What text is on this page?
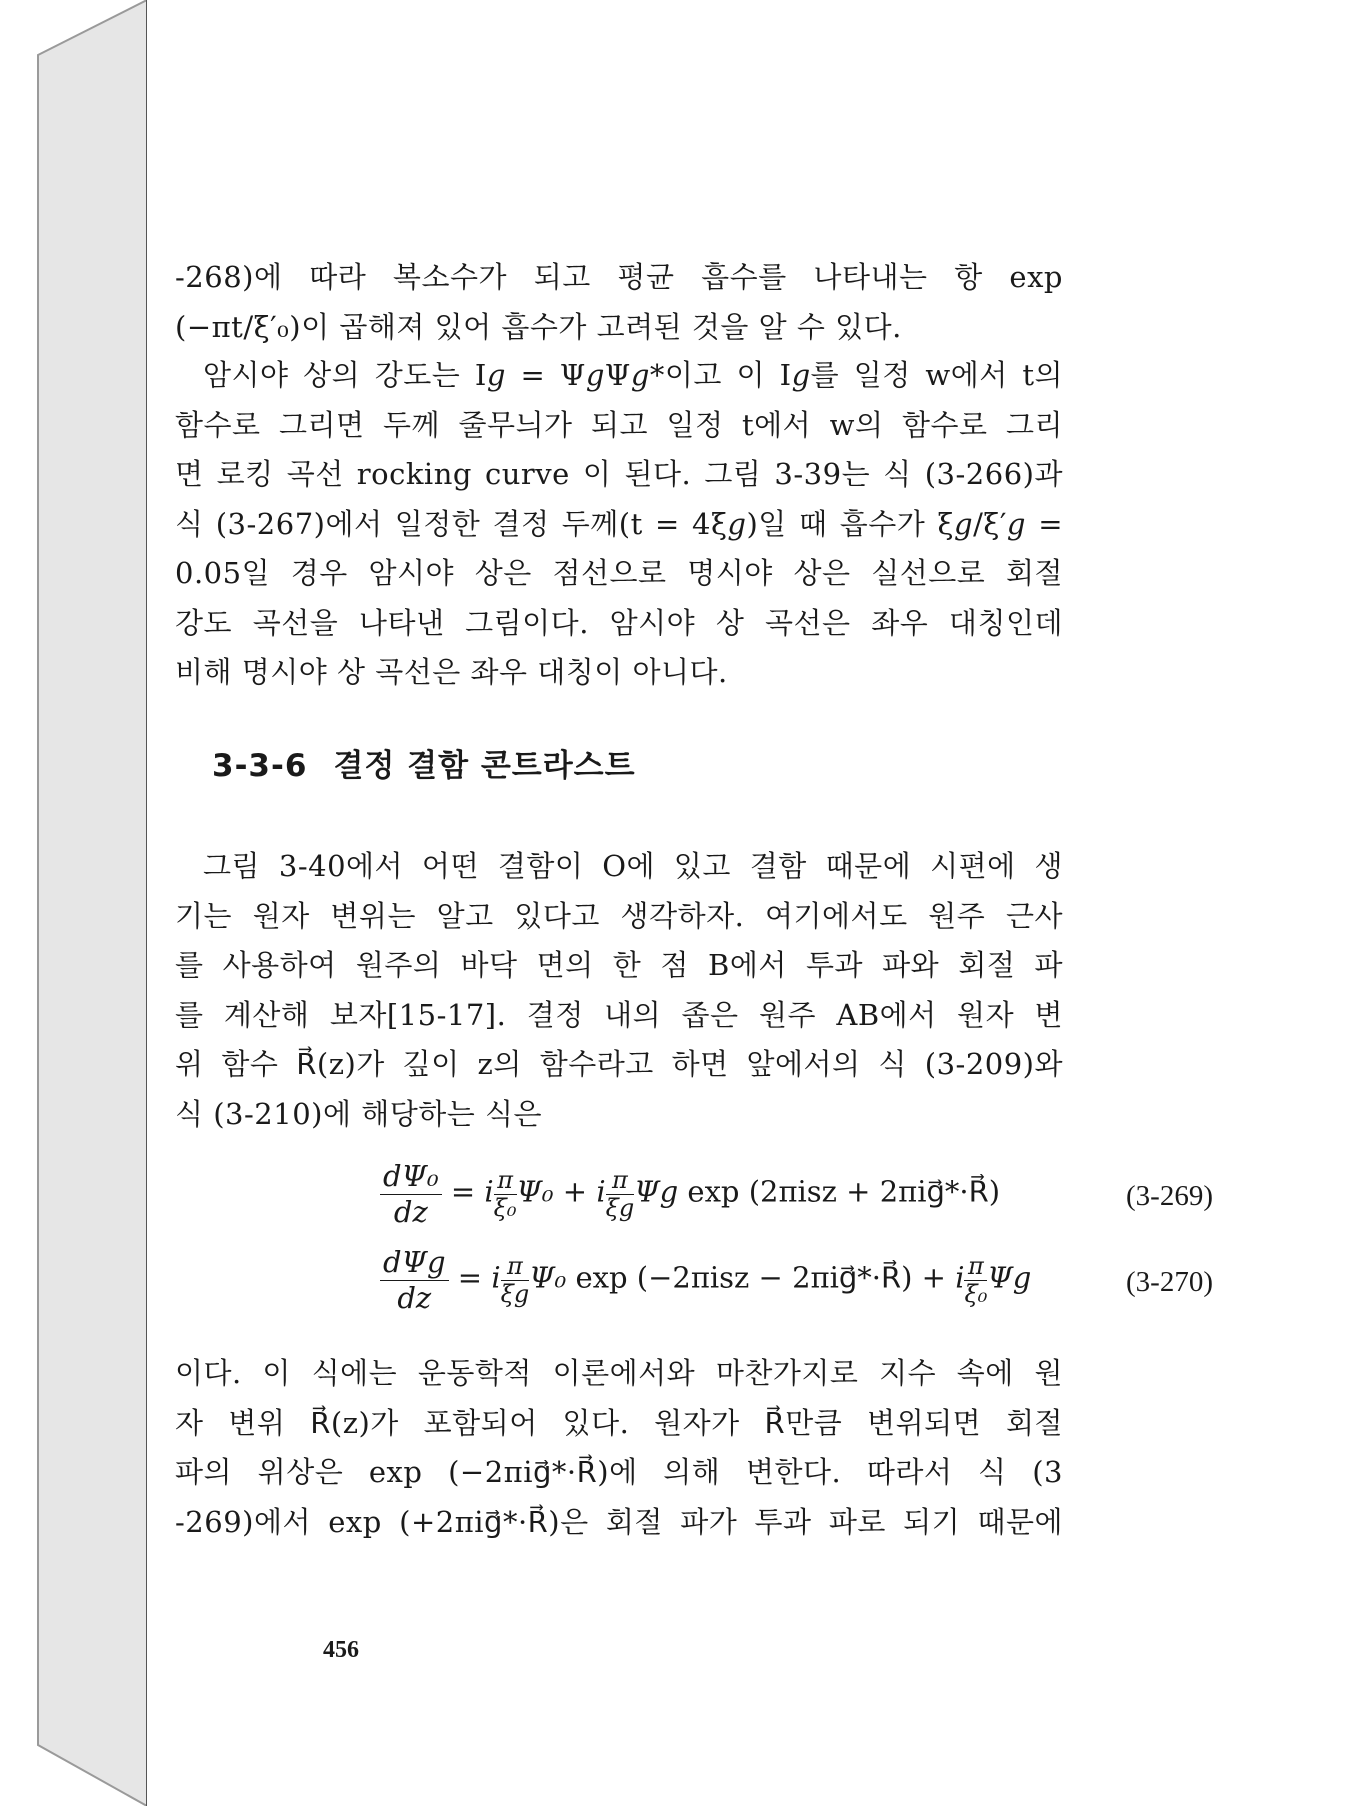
-268)에 따라 복소수가 되고 평균 흡수를 나타내는 항 exp
(−πt/ξ′₀)이 곱해져 있어 흡수가 고려된 것을 알 수 있다.
암시야 상의 강도는 I𝑔 = Ψ𝑔Ψ𝑔*이고 이 I𝑔를 일정 w에서 t의
함수로 그리면 두께 줄무늬가 되고 일정 t에서 w의 함수로 그리
면 로킹 곡선 rocking curve 이 된다. 그림 3-39는 식 (3-266)과
식 (3-267)에서 일정한 결정 두께(t = 4ξ𝑔)일 때 흡수가 ξ𝑔/ξ′𝑔 =
0.05일 경우 암시야 상은 점선으로 명시야 상은 실선으로 회절
강도 곡선을 나타낸 그림이다. 암시야 상 곡선은 좌우 대칭인데
비해 명시야 상 곡선은 좌우 대칭이 아니다.
3-3-6 결정 결함 콘트라스트
그림 3-40에서 어떤 결함이 O에 있고 결함 때문에 시편에 생
기는 원자 변위는 알고 있다고 생각하자. 여기에서도 원주 근사
를 사용하여 원주의 바닥 면의 한 점 B에서 투과 파와 회절 파
를 계산해 보자[15-17]. 결정 내의 좁은 원주 AB에서 원자 변
위 함수 R⃗(z)가 깊이 z의 함수라고 하면 앞에서의 식 (3-209)와
식 (3-210)에 해당하는 식은
$\frac{\text{dΨ₀}}{dz} = i \frac{\pi}{\text{ξ₀}} \Psi_0 + i \frac{\pi}{\text{ξ𝑔}}$ Ψ𝑔 exp (2πisz + 2πig⃗*·R⃗)	(3-269)
$\frac{\text{dΨ𝑔}}{dz} = i \frac{\pi}{\text{ξ𝑔}} \Psi_0$ exp (−2πisz − 2πig⃗*·R⃗) + i $\frac{\pi}{\text{ξ₀}}$ Ψ𝑔	(3-270)
이다. 이 식에는 운동학적 이론에서와 마찬가지로 지수 속에 원
자 변위 R⃗(z)가 포함되어 있다. 원자가 R⃗만큼 변위되면 회절
파의 위상은 exp (−2πig⃗*·R⃗)에 의해 변한다. 따라서 식 (3
-269)에서 exp (+2πig⃗*·R⃗)은 회절 파가 투과 파로 되기 때문에
456
